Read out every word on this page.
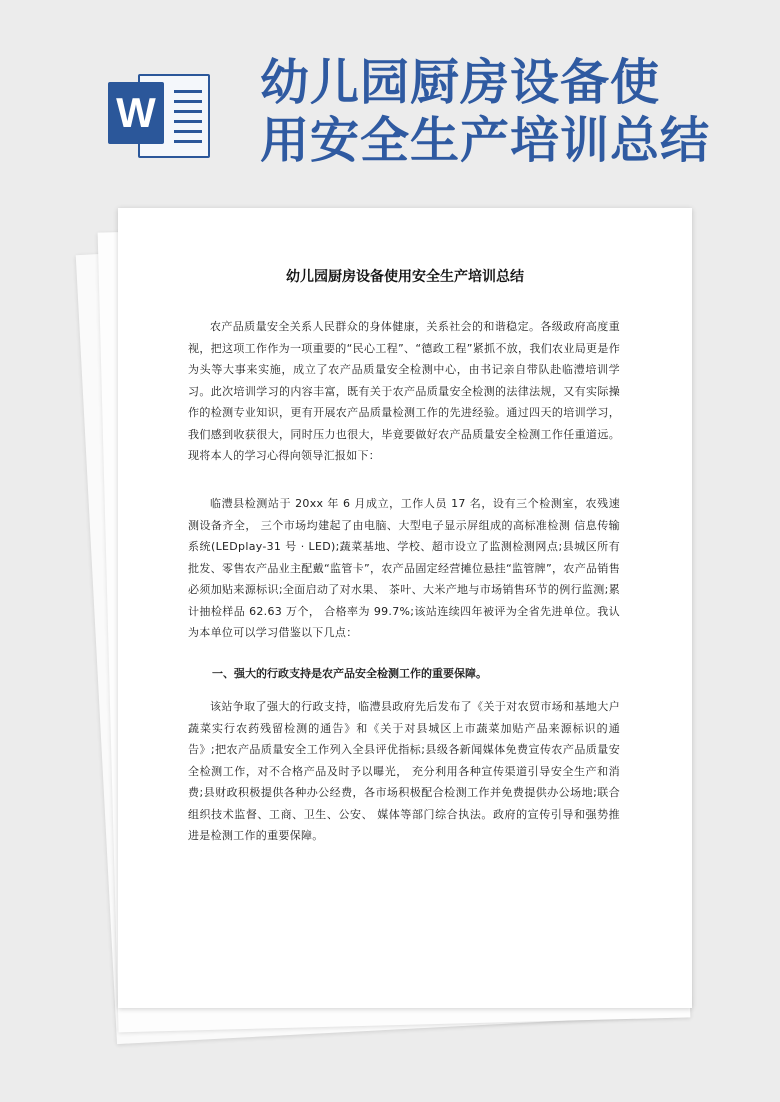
W
幼儿园厨房设备使
用安全生产培训总结
幼儿园厨房设备使用安全生产培训总结
农产品质量安全关系人民群众的身体健康，关系社会的和谐稳定。各级政府高度重视，把这项工作作为一项重要的“民心工程”、“德政工程”紧抓不放，我们农业局更是作为头等大事来实施，成立了农产品质量安全检测中心，由书记亲自带队赴临澧培训学习。此次培训学习的内容丰富，既有关于农产品质量安全检测的法律法规，又有实际操作的检测专业知识，更有开展农产品质量检测工作的先进经验。通过四天的培训学习，我们感到收获很大，同时压力也很大，毕竟要做好农产品质量安全检测工作任重道远。现将本人的学习心得向领导汇报如下：
临澧县检测站于 20xx 年 6 月成立，工作人员 17 名，设有三个检测室，农残速测设备齐全， 三个市场均建起了由电脑、大型电子显示屏组成的高标准检测 信息传输系统(LEDplay-31 号 · LED);蔬菜基地、学校、超市设立了监测检测网点;县城区所有批发、零售农产品业主配戴“监管卡”，农产品固定经营摊位悬挂“监管牌”，农产品销售必须加贴来源标识;全面启动了对水果、 茶叶、大米产地与市场销售环节的例行监测;累计抽检样品 62.63 万个， 合格率为 99.7%;该站连续四年被评为全省先进单位。我认为本单位可以学习借鉴以下几点：
一、强大的行政支持是农产品安全检测工作的重要保障。
该站争取了强大的行政支持，临澧县政府先后发布了《关于对农贸市场和基地大户蔬菜实行农药残留检测的通告》和《关于对县城区上市蔬菜加贴产品来源标识的通告》;把农产品质量安全工作列入全县评优指标;县级各新闻媒体免费宣传农产品质量安全检测工作，对不合格产品及时予以曝光， 充分利用各种宣传渠道引导安全生产和消费;县财政积极提供各种办公经费，各市场积极配合检测工作并免费提供办公场地;联合组织技术监督、工商、卫生、公安、 媒体等部门综合执法。政府的宣传引导和强势推进是检测工作的重要保障。
